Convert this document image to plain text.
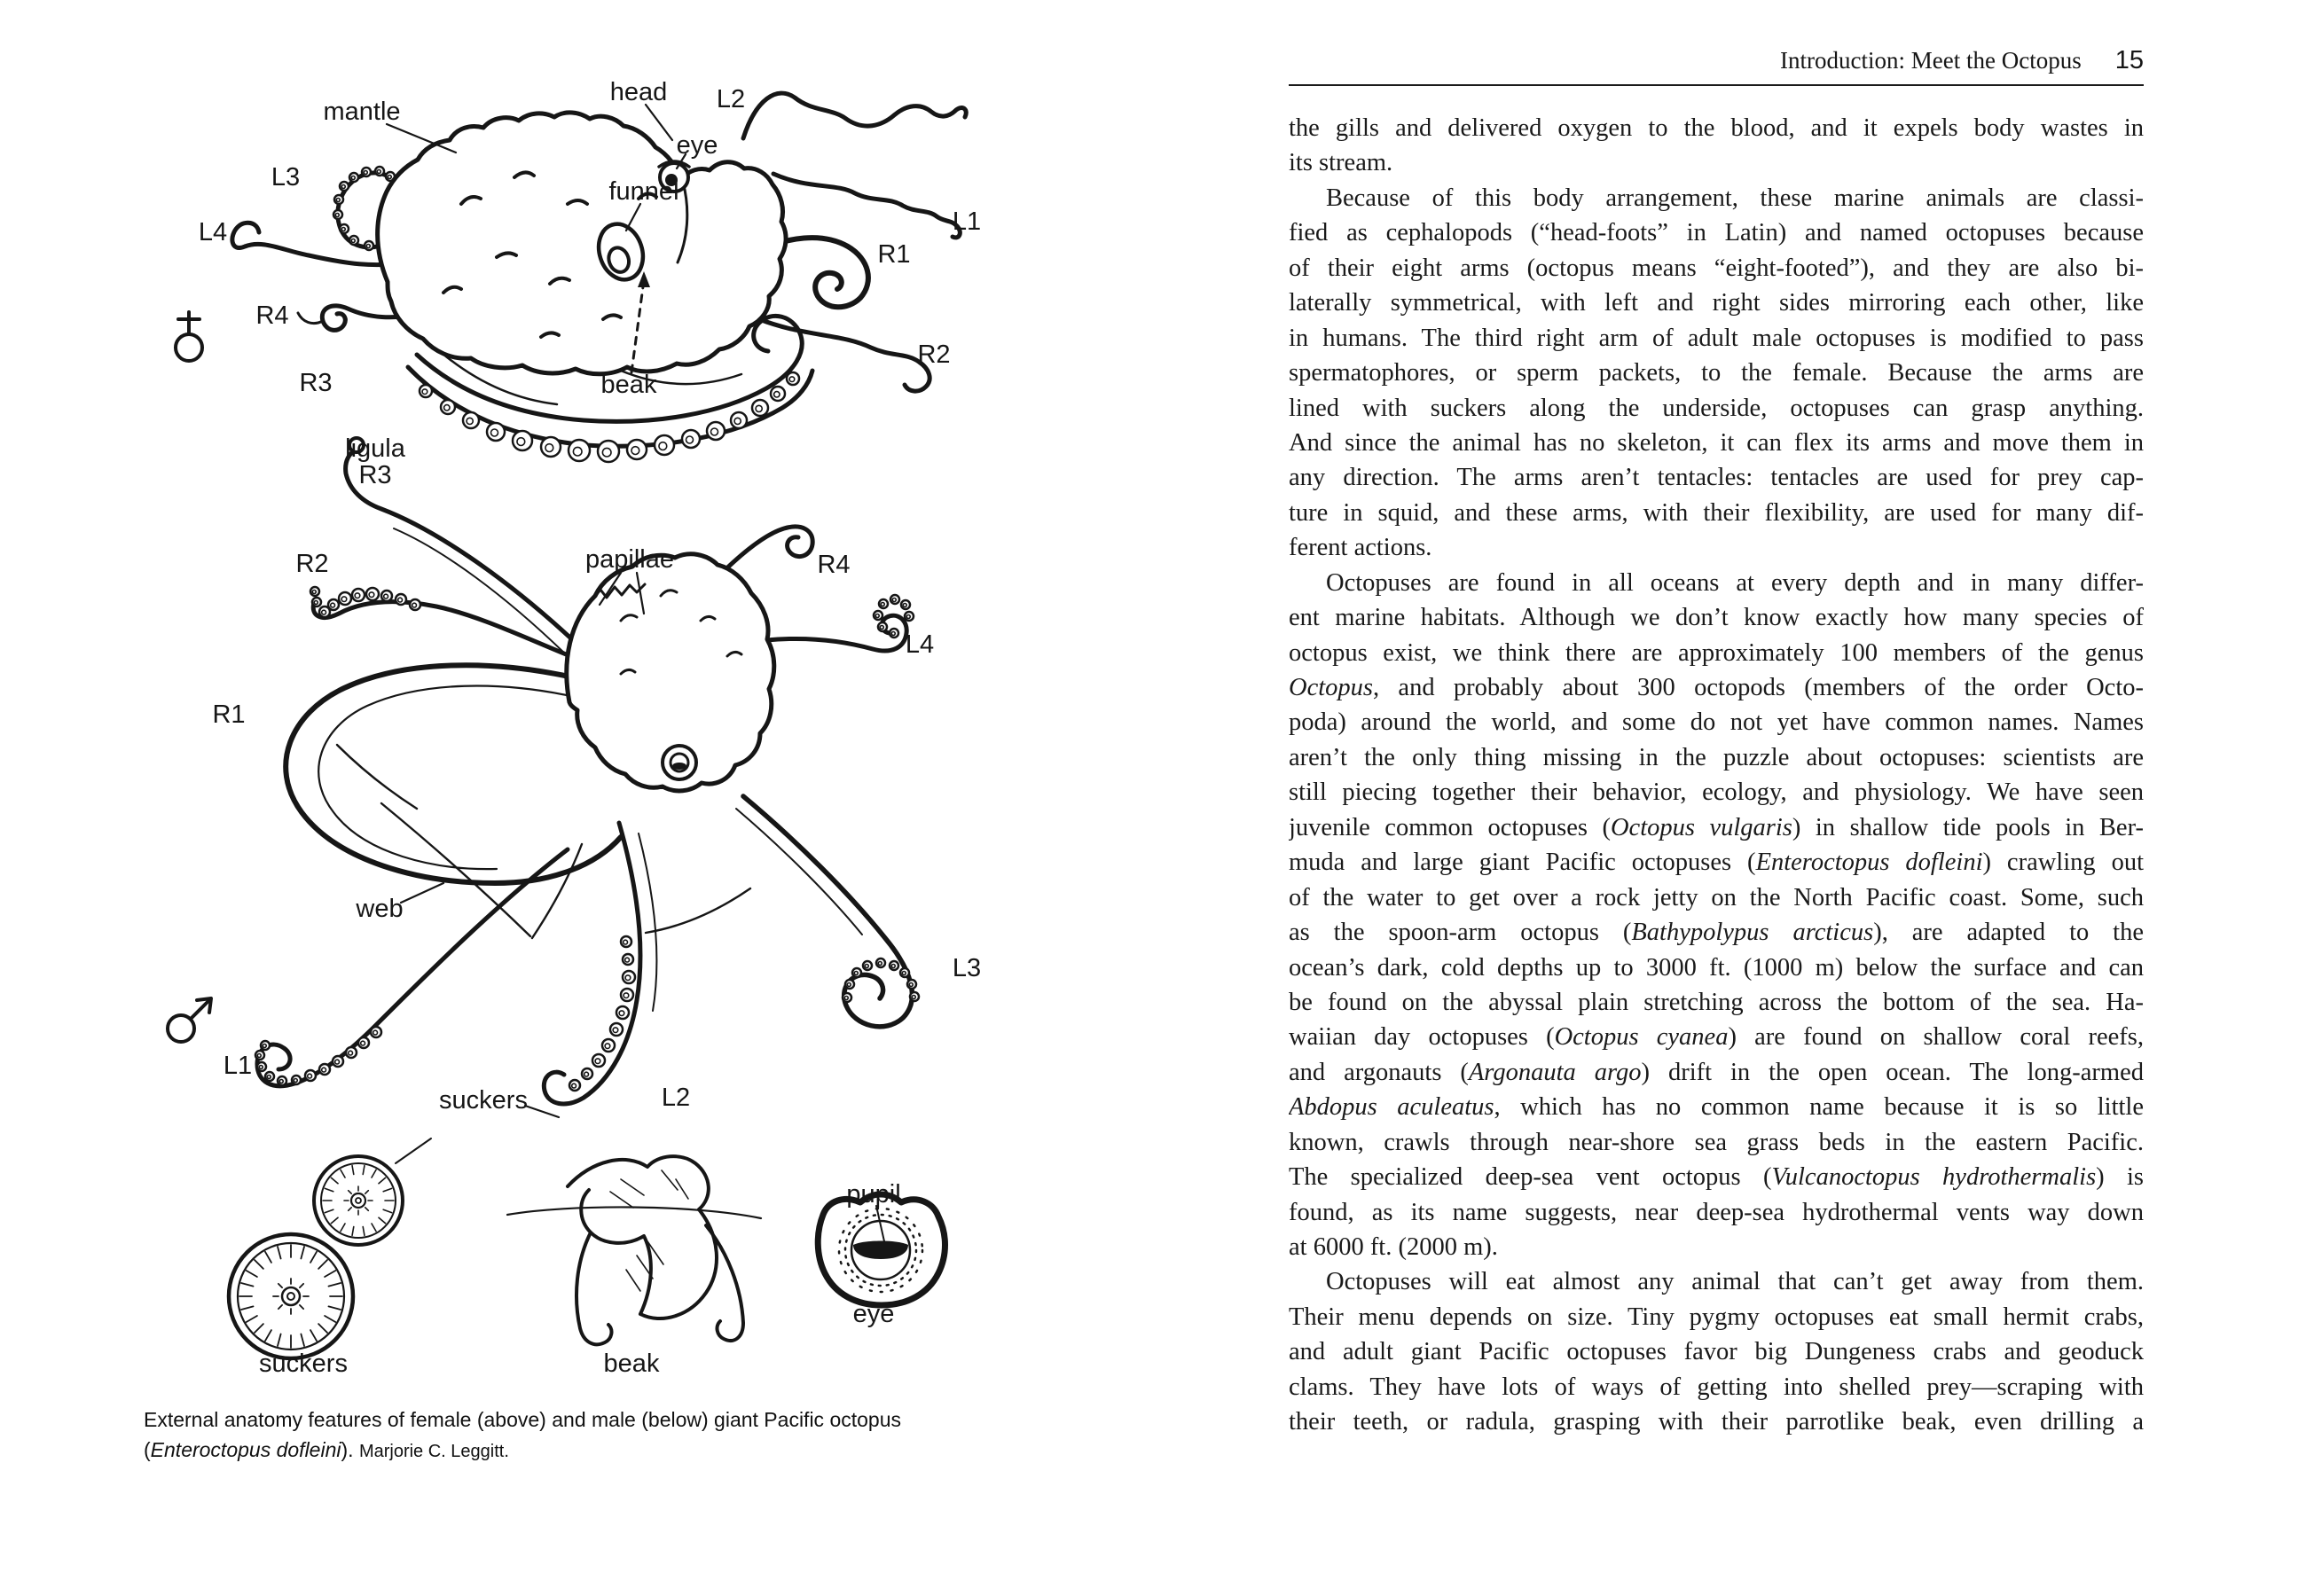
mantle
head L2
eye
funnel
L3
L4	L1
R1
R4
R2
R3	beak
ligula
R3
R2	papillae	R4
L4
R1
web
L3
L1
suckers	L2
suckers	beak
pupil
eye
External anatomy features of female (above) and male (below) giant Pacific octopus (Enteroctopus dofleini). Marjorie C. Leggitt.
Introduction: Meet the Octopus 15
the gills and delivered oxygen to the blood, and it expels body wastes in
its stream.
Because of this body arrangement, these marine animals are classi-
fied as cephalopods (“head-foots” in Latin) and named octopuses because
of their eight arms (octopus means “eight-footed”), and they are also bi-
laterally symmetrical, with left and right sides mirroring each other, like
in humans. The third right arm of adult male octopuses is modified to pass
spermatophores, or sperm packets, to the female. Because the arms are
lined with suckers along the underside, octopuses can grasp anything.
And since the animal has no skeleton, it can flex its arms and move them in
any direction. The arms aren’t tentacles: tentacles are used for prey cap-
ture in squid, and these arms, with their flexibility, are used for many dif-
ferent actions.
Octopuses are found in all oceans at every depth and in many differ-
ent marine habitats. Although we don’t know exactly how many species of
octopus exist, we think there are approximately 100 members of the genus
Octopus, and probably about 300 octopods (members of the order Octo-
poda) around the world, and some do not yet have common names. Names
aren’t the only thing missing in the puzzle about octopuses: scientists are
still piecing together their behavior, ecology, and physiology. We have seen
juvenile common octopuses (Octopus vulgaris) in shallow tide pools in Ber-
muda and large giant Pacific octopuses (Enteroctopus dofleini) crawling out
of the water to get over a rock jetty on the North Pacific coast. Some, such
as the spoon-arm octopus (Bathypolypus arcticus), are adapted to the
ocean’s dark, cold depths up to 3000 ft. (1000 m) below the surface and can
be found on the abyssal plain stretching across the bottom of the sea. Ha-
waiian day octopuses (Octopus cyanea) are found on shallow coral reefs,
and argonauts (Argonauta argo) drift in the open ocean. The long-armed
Abdopus aculeatus, which has no common name because it is so little
known, crawls through near-shore sea grass beds in the eastern Pacific.
The specialized deep-sea vent octopus (Vulcanoctopus hydrothermalis) is
found, as its name suggests, near deep-sea hydrothermal vents way down
at 6000 ft. (2000 m).
Octopuses will eat almost any animal that can’t get away from them.
Their menu depends on size. Tiny pygmy octopuses eat small hermit crabs,
and adult giant Pacific octopuses favor big Dungeness crabs and geoduck
clams. They have lots of ways of getting into shelled prey—scraping with
their teeth, or radula, grasping with their parrotlike beak, even drilling a
